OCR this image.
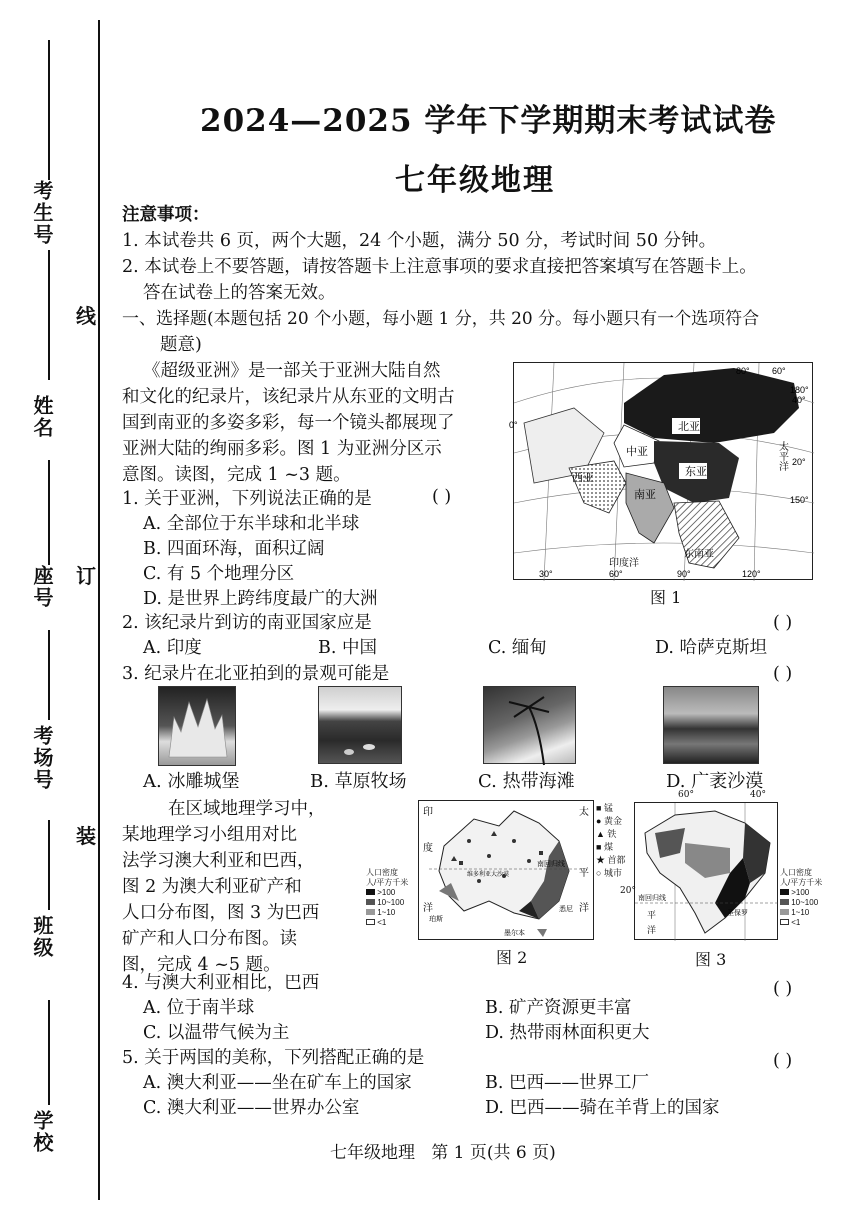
考生号
线
姓名
座号 订
考场号
装
班级
学校
2024—2025 学年下学期期末考试试卷
七年级地理
注意事项：
1. 本试卷共 6 页，两个大题，24 个小题，满分 50 分，考试时间 50 分钟。
2. 本试卷上不要答题，请按答题卡上注意事项的要求直接把答案填写在答题卡上。
答在试卷上的答案无效。
一、选择题(本题包括 20 个小题，每小题 1 分，共 20 分。每小题只有一个选项符合
题意)
《超级亚洲》是一部关于亚洲大陆自然
和文化的纪录片，该纪录片从东亚的文明古
国到南亚的多姿多彩，每一个镜头都展现了
亚洲大陆的绚丽多彩。图 1 为亚洲分区示
意图。读图，完成 1 ~3 题。
1. 关于亚洲，下列说法正确的是	( )
A. 全部位于东半球和北半球
B. 四面环海，面积辽阔
C. 有 5 个地理分区
D. 是世界上跨纬度最广的大洲
北亚
中亚
东亚
西亚
南亚
东南亚
印度洋
太平洋
80° 60°
180°
40°
20°
150°
0°
30°	60°	90°	120°
图 1
2. 该纪录片到访的南亚国家应是	( )
A. 印度	B. 中国	C. 缅甸	D. 哈萨克斯坦
3. 纪录片在北亚拍到的景观可能是	( )
A. 冰雕城堡	B. 草原牧场	C. 热带海滩	D. 广袤沙漠
在区域地理学习中，
某地理学习小组用对比
法学习澳大利亚和巴西，
图 2 为澳大利亚矿产和
人口分布图，图 3 为巴西
矿产和人口分布图。读
图，完成 4 ~5 题。
印
度
洋
太
平
洋
南回归线
维多利亚大沙漠
珀斯
悉尼
墨尔本
■ 锰
● 黄金
▲ 铁
■ 煤
★ 首都
○ 城市
人口密度
人/平方千米
>100
10~100
1~10
<1
图 2
南回归线
平
洋
圣保罗
60°	40°
20°
人口密度
人/平方千米
>100
10~100
1~10
<1
图 3
4. 与澳大利亚相比，巴西	( )
A. 位于南半球	B. 矿产资源更丰富
C. 以温带气候为主	D. 热带雨林面积更大
5. 关于两国的美称，下列搭配正确的是	( )
A. 澳大利亚——坐在矿车上的国家	B. 巴西——世界工厂
C. 澳大利亚——世界办公室	D. 巴西——骑在羊背上的国家
七年级地理   第 1 页(共 6 页)
